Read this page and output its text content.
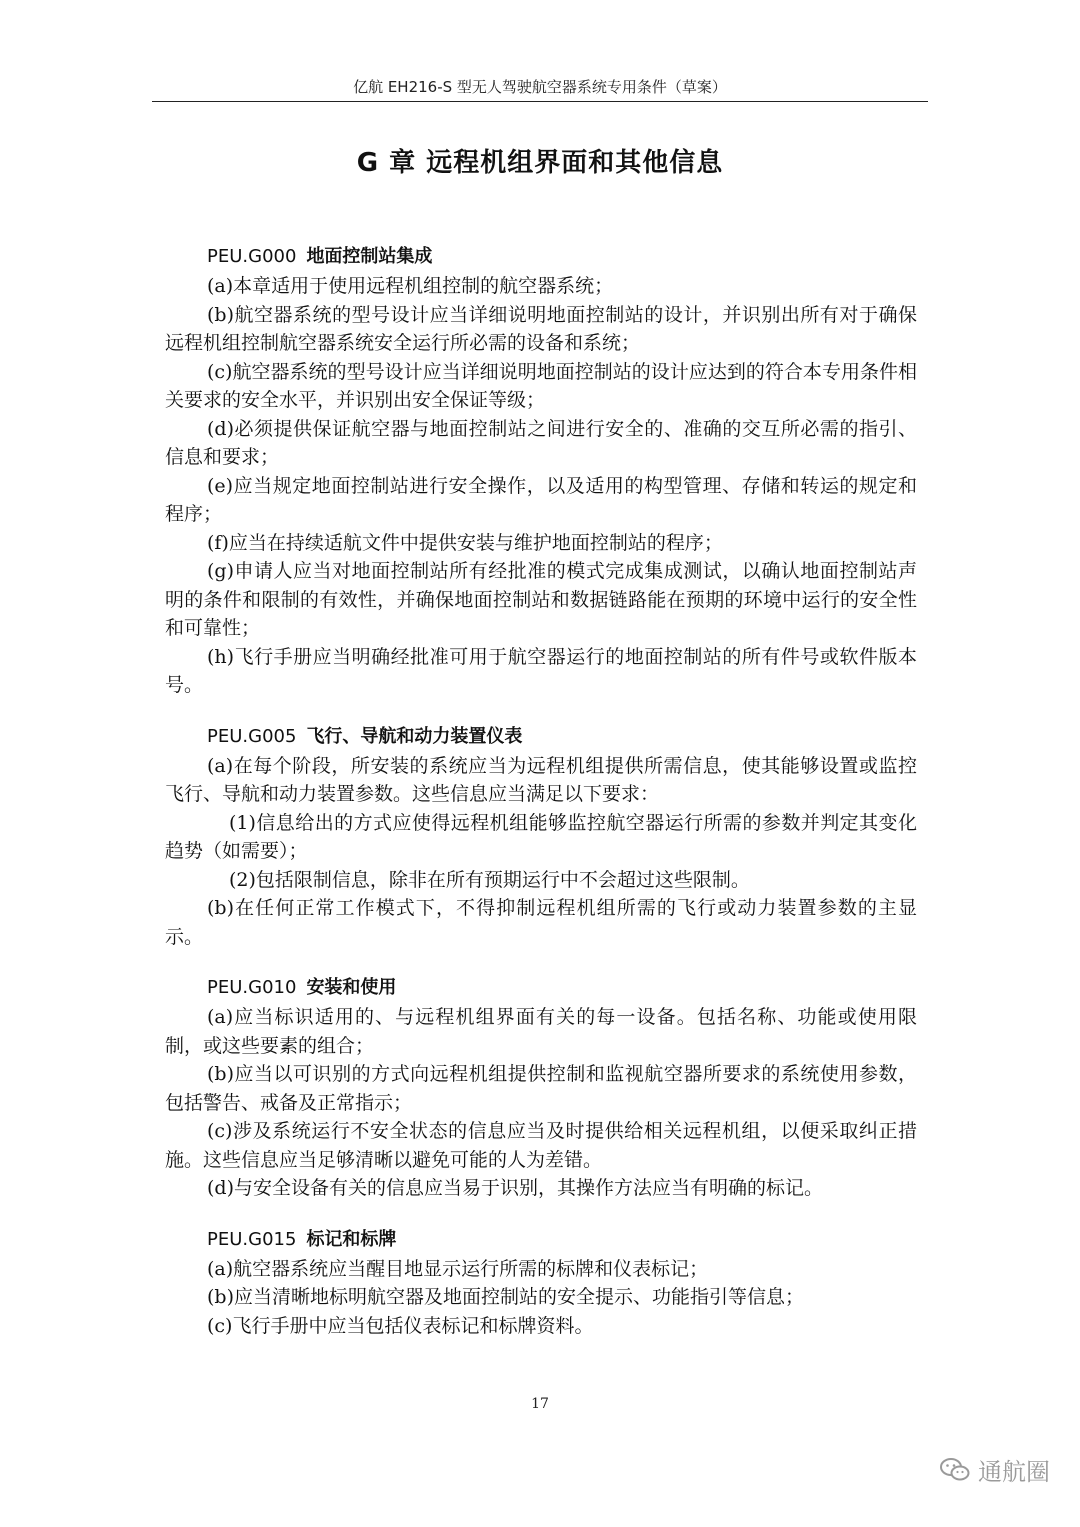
亿航 EH216-S 型无人驾驶航空器系统专用条件（草案）
G 章 远程机组界面和其他信息
PEU.G000 地面控制站集成

(a)本章适用于使用远程机组控制的航空器系统；

(b)航空器系统的型号设计应当详细说明地面控制站的设计，并识别出所有对于确保远程机组控制航空器系统安全运行所必需的设备和系统；

(c)航空器系统的型号设计应当详细说明地面控制站的设计应达到的符合本专用条件相关要求的安全水平，并识别出安全保证等级；

(d)必须提供保证航空器与地面控制站之间进行安全的、准确的交互所必需的指引、信息和要求；

(e)应当规定地面控制站进行安全操作，以及适用的构型管理、存储和转运的规定和程序；

(f)应当在持续适航文件中提供安装与维护地面控制站的程序；

(g)申请人应当对地面控制站所有经批准的模式完成集成测试，以确认地面控制站声明的条件和限制的有效性，并确保地面控制站和数据链路能在预期的环境中运行的安全性和可靠性；

(h)飞行手册应当明确经批准可用于航空器运行的地面控制站的所有件号或软件版本号。

PEU.G005 飞行、导航和动力装置仪表

(a)在每个阶段，所安装的系统应当为远程机组提供所需信息，使其能够设置或监控飞行、导航和动力装置参数。这些信息应当满足以下要求：

(1)信息给出的方式应使得远程机组能够监控航空器运行所需的参数并判定其变化趋势（如需要）；

(2)包括限制信息，除非在所有预期运行中不会超过这些限制。

(b)在任何正常工作模式下，不得抑制远程机组所需的飞行或动力装置参数的主显示。

PEU.G010 安装和使用

(a)应当标识适用的、与远程机组界面有关的每一设备。包括名称、功能或使用限制，或这些要素的组合；

(b)应当以可识别的方式向远程机组提供控制和监视航空器所要求的系统使用参数，包括警告、戒备及正常指示；

(c)涉及系统运行不安全状态的信息应当及时提供给相关远程机组，以便采取纠正措施。这些信息应当足够清晰以避免可能的人为差错。

(d)与安全设备有关的信息应当易于识别，其操作方法应当有明确的标记。

PEU.G015 标记和标牌

(a)航空器系统应当醒目地显示运行所需的标牌和仪表标记；

(b)应当清晰地标明航空器及地面控制站的安全提示、功能指引等信息；

(c)飞行手册中应当包括仪表标记和标牌资料。

17
通航圈
